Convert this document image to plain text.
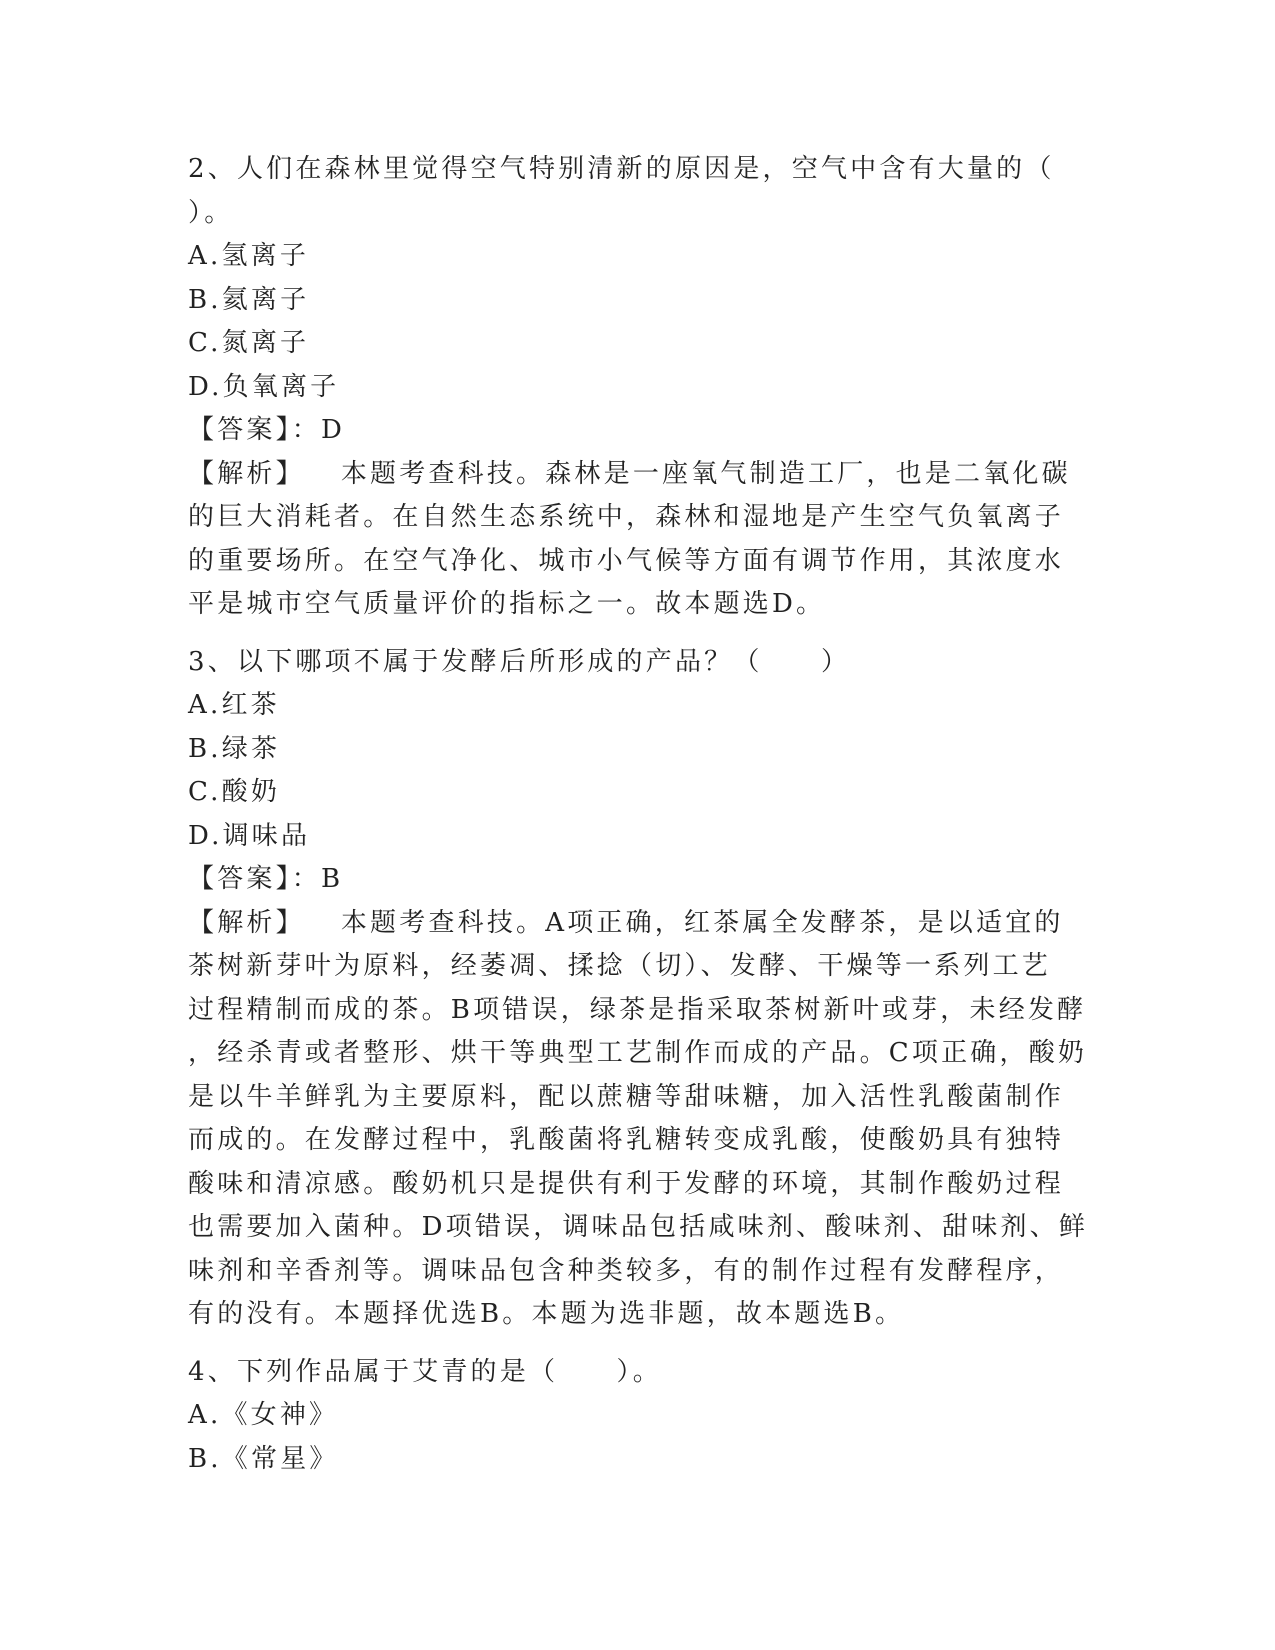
2、人们在森林里觉得空气特别清新的原因是，空气中含有大量的（
）。
A.氢离子
B.氦离子
C.氮离子
D.负氧离子
【答案】：D
【解析】 本题考查科技。森林是一座氧气制造工厂，也是二氧化碳
的巨大消耗者。在自然生态系统中，森林和湿地是产生空气负氧离子
的重要场所。在空气净化、城市小气候等方面有调节作用，其浓度水
平是城市空气质量评价的指标之一。故本题选D。
3、以下哪项不属于发酵后所形成的产品？（　　）
A.红茶
B.绿茶
C.酸奶
D.调味品
【答案】：B
【解析】 本题考查科技。A项正确，红茶属全发酵茶，是以适宜的
茶树新芽叶为原料，经萎凋、揉捻（切）、发酵、干燥等一系列工艺
过程精制而成的茶。B项错误，绿茶是指采取茶树新叶或芽，未经发酵
，经杀青或者整形、烘干等典型工艺制作而成的产品。C项正确，酸奶
是以牛羊鲜乳为主要原料，配以蔗糖等甜味糖，加入活性乳酸菌制作
而成的。在发酵过程中，乳酸菌将乳糖转变成乳酸，使酸奶具有独特
酸味和清凉感。酸奶机只是提供有利于发酵的环境，其制作酸奶过程
也需要加入菌种。D项错误，调味品包括咸味剂、酸味剂、甜味剂、鲜
味剂和辛香剂等。调味品包含种类较多，有的制作过程有发酵程序，
有的没有。本题择优选B。本题为选非题，故本题选B。
4、下列作品属于艾青的是（　　）。
A.《女神》
B.《常星》
